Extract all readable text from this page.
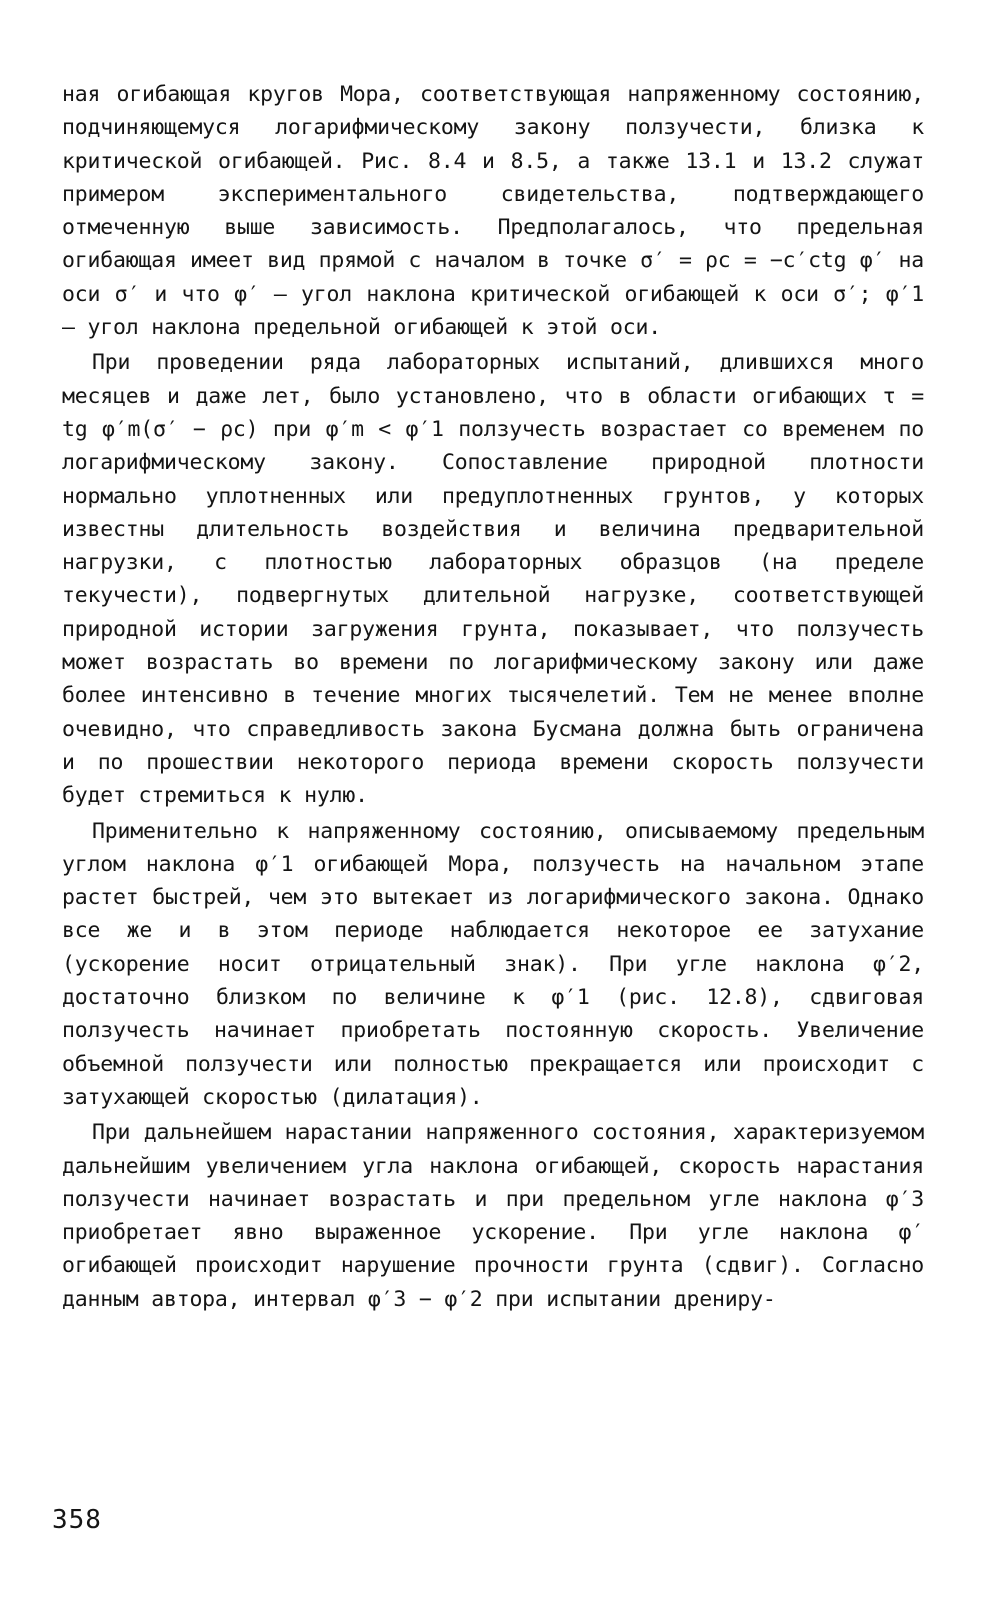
ная огибающая кругов Мора, соответствующая напряженному состоянию, подчиняющемуся логарифмическому закону ползучести, близка к критической огибающей. Рис. 8.4 и 8.5, а также 13.1 и 13.2 служат примером экспериментального свидетельства, подтверждающего отмеченную выше зависимость. Предполагалось, что предельная огибающая имеет вид прямой с началом в точке σ′ = ρc = −c′ctg φ′ на оси σ′ и что φ′ — угол наклона критической огибающей к оси σ′; φ′1 — угол наклона предельной огибающей к этой оси.

При проведении ряда лабораторных испытаний, длившихся много месяцев и даже лет, было установлено, что в области огибающих τ = tg φ′m(σ′ − ρc) при φ′m < φ′1 ползучесть возрастает со временем по логарифмическому закону. Сопоставление природной плотности нормально уплотненных или предуплотненных грунтов, у которых известны длительность воздействия и величина предварительной нагрузки, с плотностью лабораторных образцов (на пределе текучести), подвергнутых длительной нагрузке, соответствующей природной истории загружения грунта, показывает, что ползучесть может возрастать во времени по логарифмическому закону или даже более интенсивно в течение многих тысячелетий. Тем не менее вполне очевидно, что справедливость закона Бусмана должна быть ограничена и по прошествии некоторого периода времени скорость ползучести будет стремиться к нулю.

Применительно к напряженному состоянию, описываемому предельным углом наклона φ′1 огибающей Мора, ползучесть на начальном этапе растет быстрей, чем это вытекает из логарифмического закона. Однако все же и в этом периоде наблюдается некоторое ее затухание (ускорение носит отрицательный знак). При угле наклона φ′2, достаточно близком по величине к φ′1 (рис. 12.8), сдвиговая ползучесть начинает приобретать постоянную скорость. Увеличение объемной ползучести или полностью прекращается или происходит с затухающей скоростью (дилатация).

При дальнейшем нарастании напряженного состояния, характеризуемом дальнейшим увеличением угла наклона огибающей, скорость нарастания ползучести начинает возрастать и при предельном угле наклона φ′3 приобретает явно выраженное ускорение. При угле наклона φ′ огибающей происходит нарушение прочности грунта (сдвиг). Согласно данным автора, интервал φ′3 − φ′2 при испытании дрениру-

358
